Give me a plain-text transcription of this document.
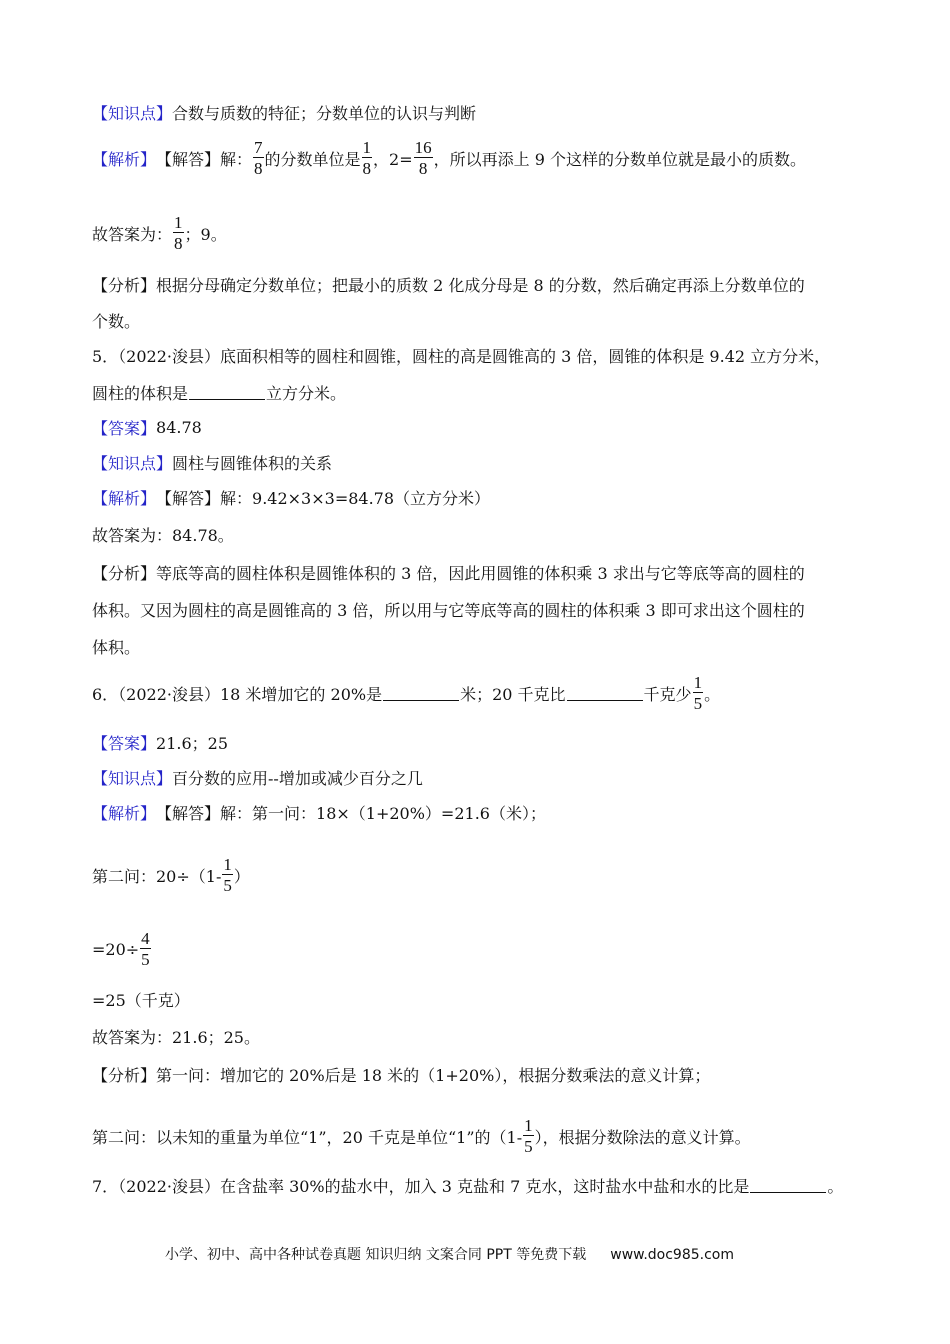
小学、初中、高中各种试卷真题 知识归纳 文案合同 PPT 等免费下载 www.doc985.com
【知识点】 合数与质数的特征；分数单位的认识与判断
【解析】 【解答】解： $\frac{7}{8}$ 的分数单位是 $\frac{1}{8}$ ，$2= \frac{16}{8}$ ，所以再添上 9 个这样的分数单位就是最小的质数。
故答案为： $\frac{1}{8}$ ；9。
【分析】根据分母确定分数单位；把最小的质数 2 化成分母是 8 的分数，然后确定再添上分数单位的
个数。
5．（2022·浚县）底面积相等的圆柱和圆锥，圆柱的高是圆锥高的 3 倍，圆锥的体积是 9.42 立方分米，
圆柱的体积是	立方分米。
【答案】 84.78
【知识点】 圆柱与圆锥体积的关系
【解析】 【解答】解：9.42×3×3=84.78（立方分米）
故答案为：84.78。
【分析】等底等高的圆柱体积是圆锥体积的 3 倍，因此用圆锥的体积乘 3 求出与它等底等高的圆柱的
体积。又因为圆柱的高是圆锥高的 3 倍，所以用与它等底等高的圆柱的体积乘 3 即可求出这个圆柱的
体积。
6．（2022·浚县）18 米增加它的 20%是	米；20 千克比	千克少 $\frac{1}{5}$ 。
【答案】 21.6；25
【知识点】 百分数的应用--增加或减少百分之几
【解析】 【解答】解：第一问：18×（1+20%）=21.6（米）；
第二问：$20\div(1- \frac{1}{5}$ ）
$=20\div \frac{4}{5}$
=25（千克）
故答案为：21.6；25。
【分析】第一问：增加它的 20%后是 18 米的（1+20%），根据分数乘法的意义计算；
第二问：以未知的重量为单位“1”，20 千克是单位“1”的（$1- \frac{1}{5}$ ），根据分数除法的意义计算。
7．（2022·浚县）在含盐率 30%的盐水中，加入 3 克盐和 7 克水，这时盐水中盐和水的比是	。
